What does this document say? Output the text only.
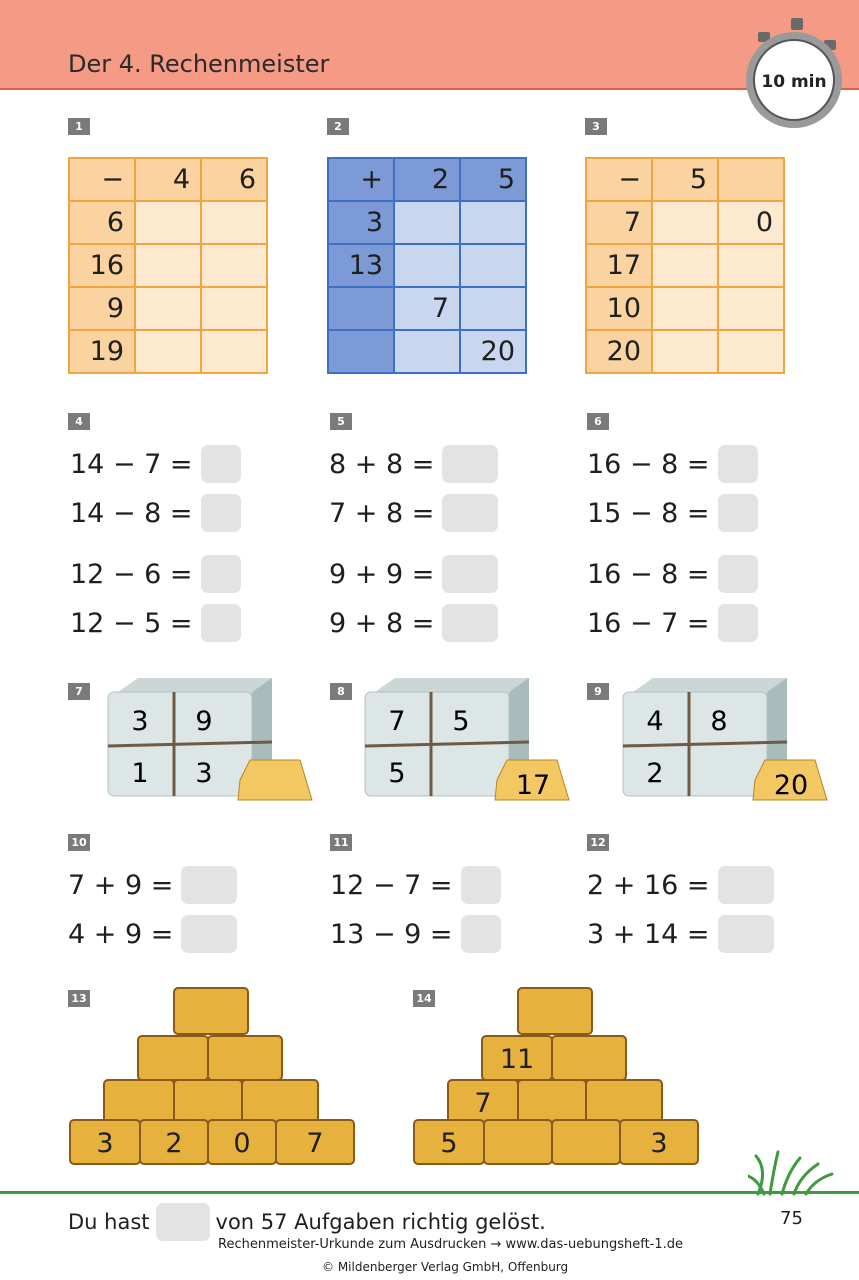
Der 4. Rechenmeister
10 min
1
−	4	6
6		
16		
9		
19		
2
+	2	5
3		
13		
	7	
		20
3
−	5	
7		0
17		
10		
20		
4
14 − 7 =
14 − 8 =
12 − 6 =
12 − 5 =
5
8 + 8 =
7 + 8 =
9 + 9 =
9 + 8 =
6
16 − 8 =
15 − 8 =
16 − 8 =
16 − 7 =
7
3 9
1 3
8
7 5
5	17
9
4 8
2	20
10
7 + 9 =
4 + 9 =
11
12 − 7 =
13 − 9 =
12
2 + 16 =
3 + 14 =
13
3 2 0 7
14
11
7
5	3
Du hast	von 57 Aufgaben richtig gelöst.	75
Rechenmeister-Urkunde zum Ausdrucken → www.das-uebungsheft-1.de
© Mildenberger Verlag GmbH, Offenburg
